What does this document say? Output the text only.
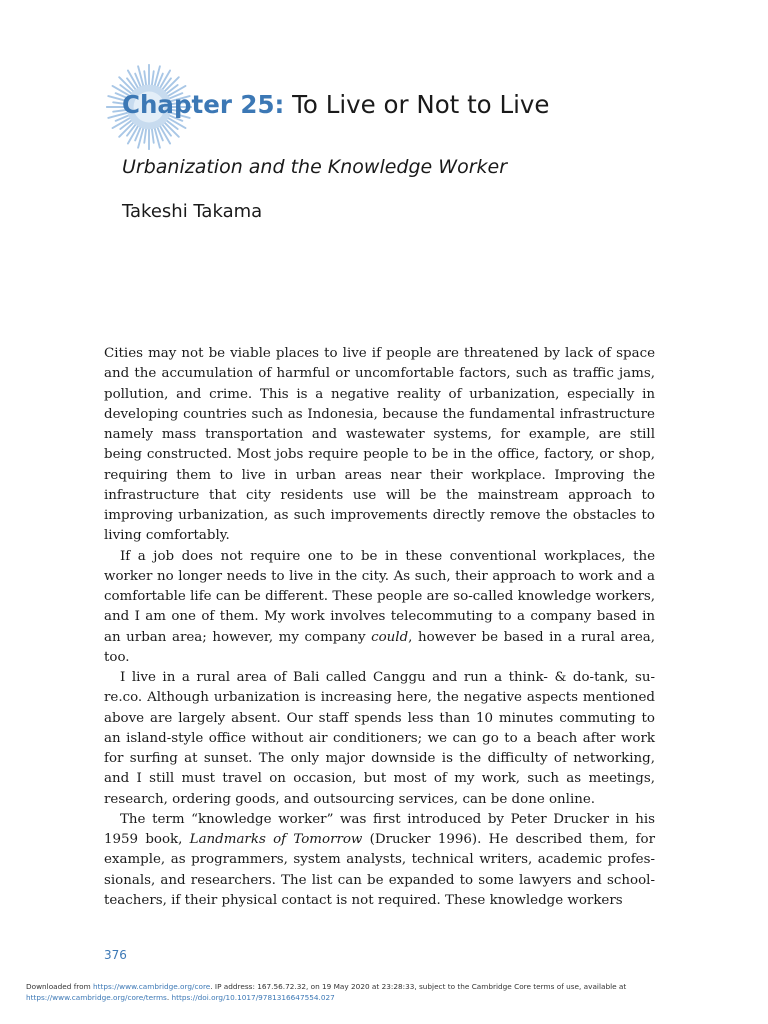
Chapter 25: To Live or Not to Live
Urbanization and the Knowledge Worker
Takeshi Takama

Cities may not be viable places to live if people are threatened by lack of space and the accumulation of harmful or uncomfortable factors, such as traffic jams, pollution, and crime. This is a negative reality of urbanization, especially in developing countries such as Indonesia, because the fundamental infrastructure namely mass transportation and wastewater systems, for example, are still being constructed. Most jobs require people to be in the office, factory, or shop, requiring them to live in urban areas near their workplace. Improving the infrastructure that city residents use will be the mainstream approach to improving urbanization, as such improvements directly remove the obstacles to living comfortably.

If a job does not require one to be in these conventional workplaces, the worker no longer needs to live in the city. As such, their approach to work and a comfortable life can be different. These people are so-called knowledge workers, and I am one of them. My work involves telecommuting to a company based in an urban area; however, my company could, however be based in a rural area, too.

I live in a rural area of Bali called Canggu and run a think- & do-tank, su-re.co. Although urbanization is increasing here, the negative aspects mentioned above are largely absent. Our staff spends less than 10 minutes commuting to an island-style office without air conditioners; we can go to a beach after work for surfing at sunset. The only major downside is the difficulty of networking, and I still must travel on occasion, but most of my work, such as meetings, research, ordering goods, and outsourcing services, can be done online.

The term “knowledge worker” was first introduced by Peter Drucker in his 1959 book, Landmarks of Tomorrow (Drucker 1996). He described them, for example, as programmers, system analysts, technical writers, academic professionals, and researchers. The list can be expanded to some lawyers and schoolteachers, if their physical contact is not required. These knowledge workers

376
Downloaded from https://www.cambridge.org/core. IP address: 167.56.72.32, on 19 May 2020 at 23:28:33, subject to the Cambridge Core terms of use, available at
https://www.cambridge.org/core/terms. https://doi.org/10.1017/9781316647554.027
